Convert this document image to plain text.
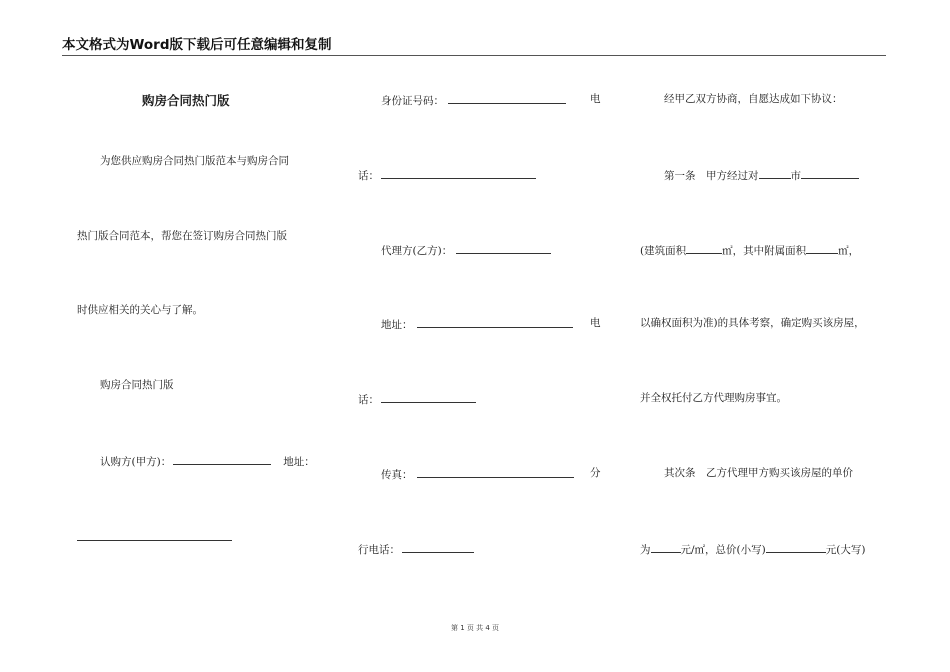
本文格式为Word版下载后可任意编辑和复制
购房合同热门版
为您供应购房合同热门版范本与购房合同
热门版合同范本，帮您在签订购房合同热门版
时供应相关的关心与了解。
购房合同热门版
认购方(甲方)：	地址：
身份证号码：	电
话：
代理方(乙方)：
地址：	电
话：
传真：	分
行电话：
经甲乙双方协商，自愿达成如下协议：
第一条　甲方经过对	市
(建筑面积	㎡，其中附属面积	㎡，
以确权面积为准)的具体考察，确定购买该房屋，
并全权托付乙方代理购房事宜。
其次条　乙方代理甲方购买该房屋的单价
为	元/㎡，总价(小写)	元(大写)
第 1 页 共 4 页
